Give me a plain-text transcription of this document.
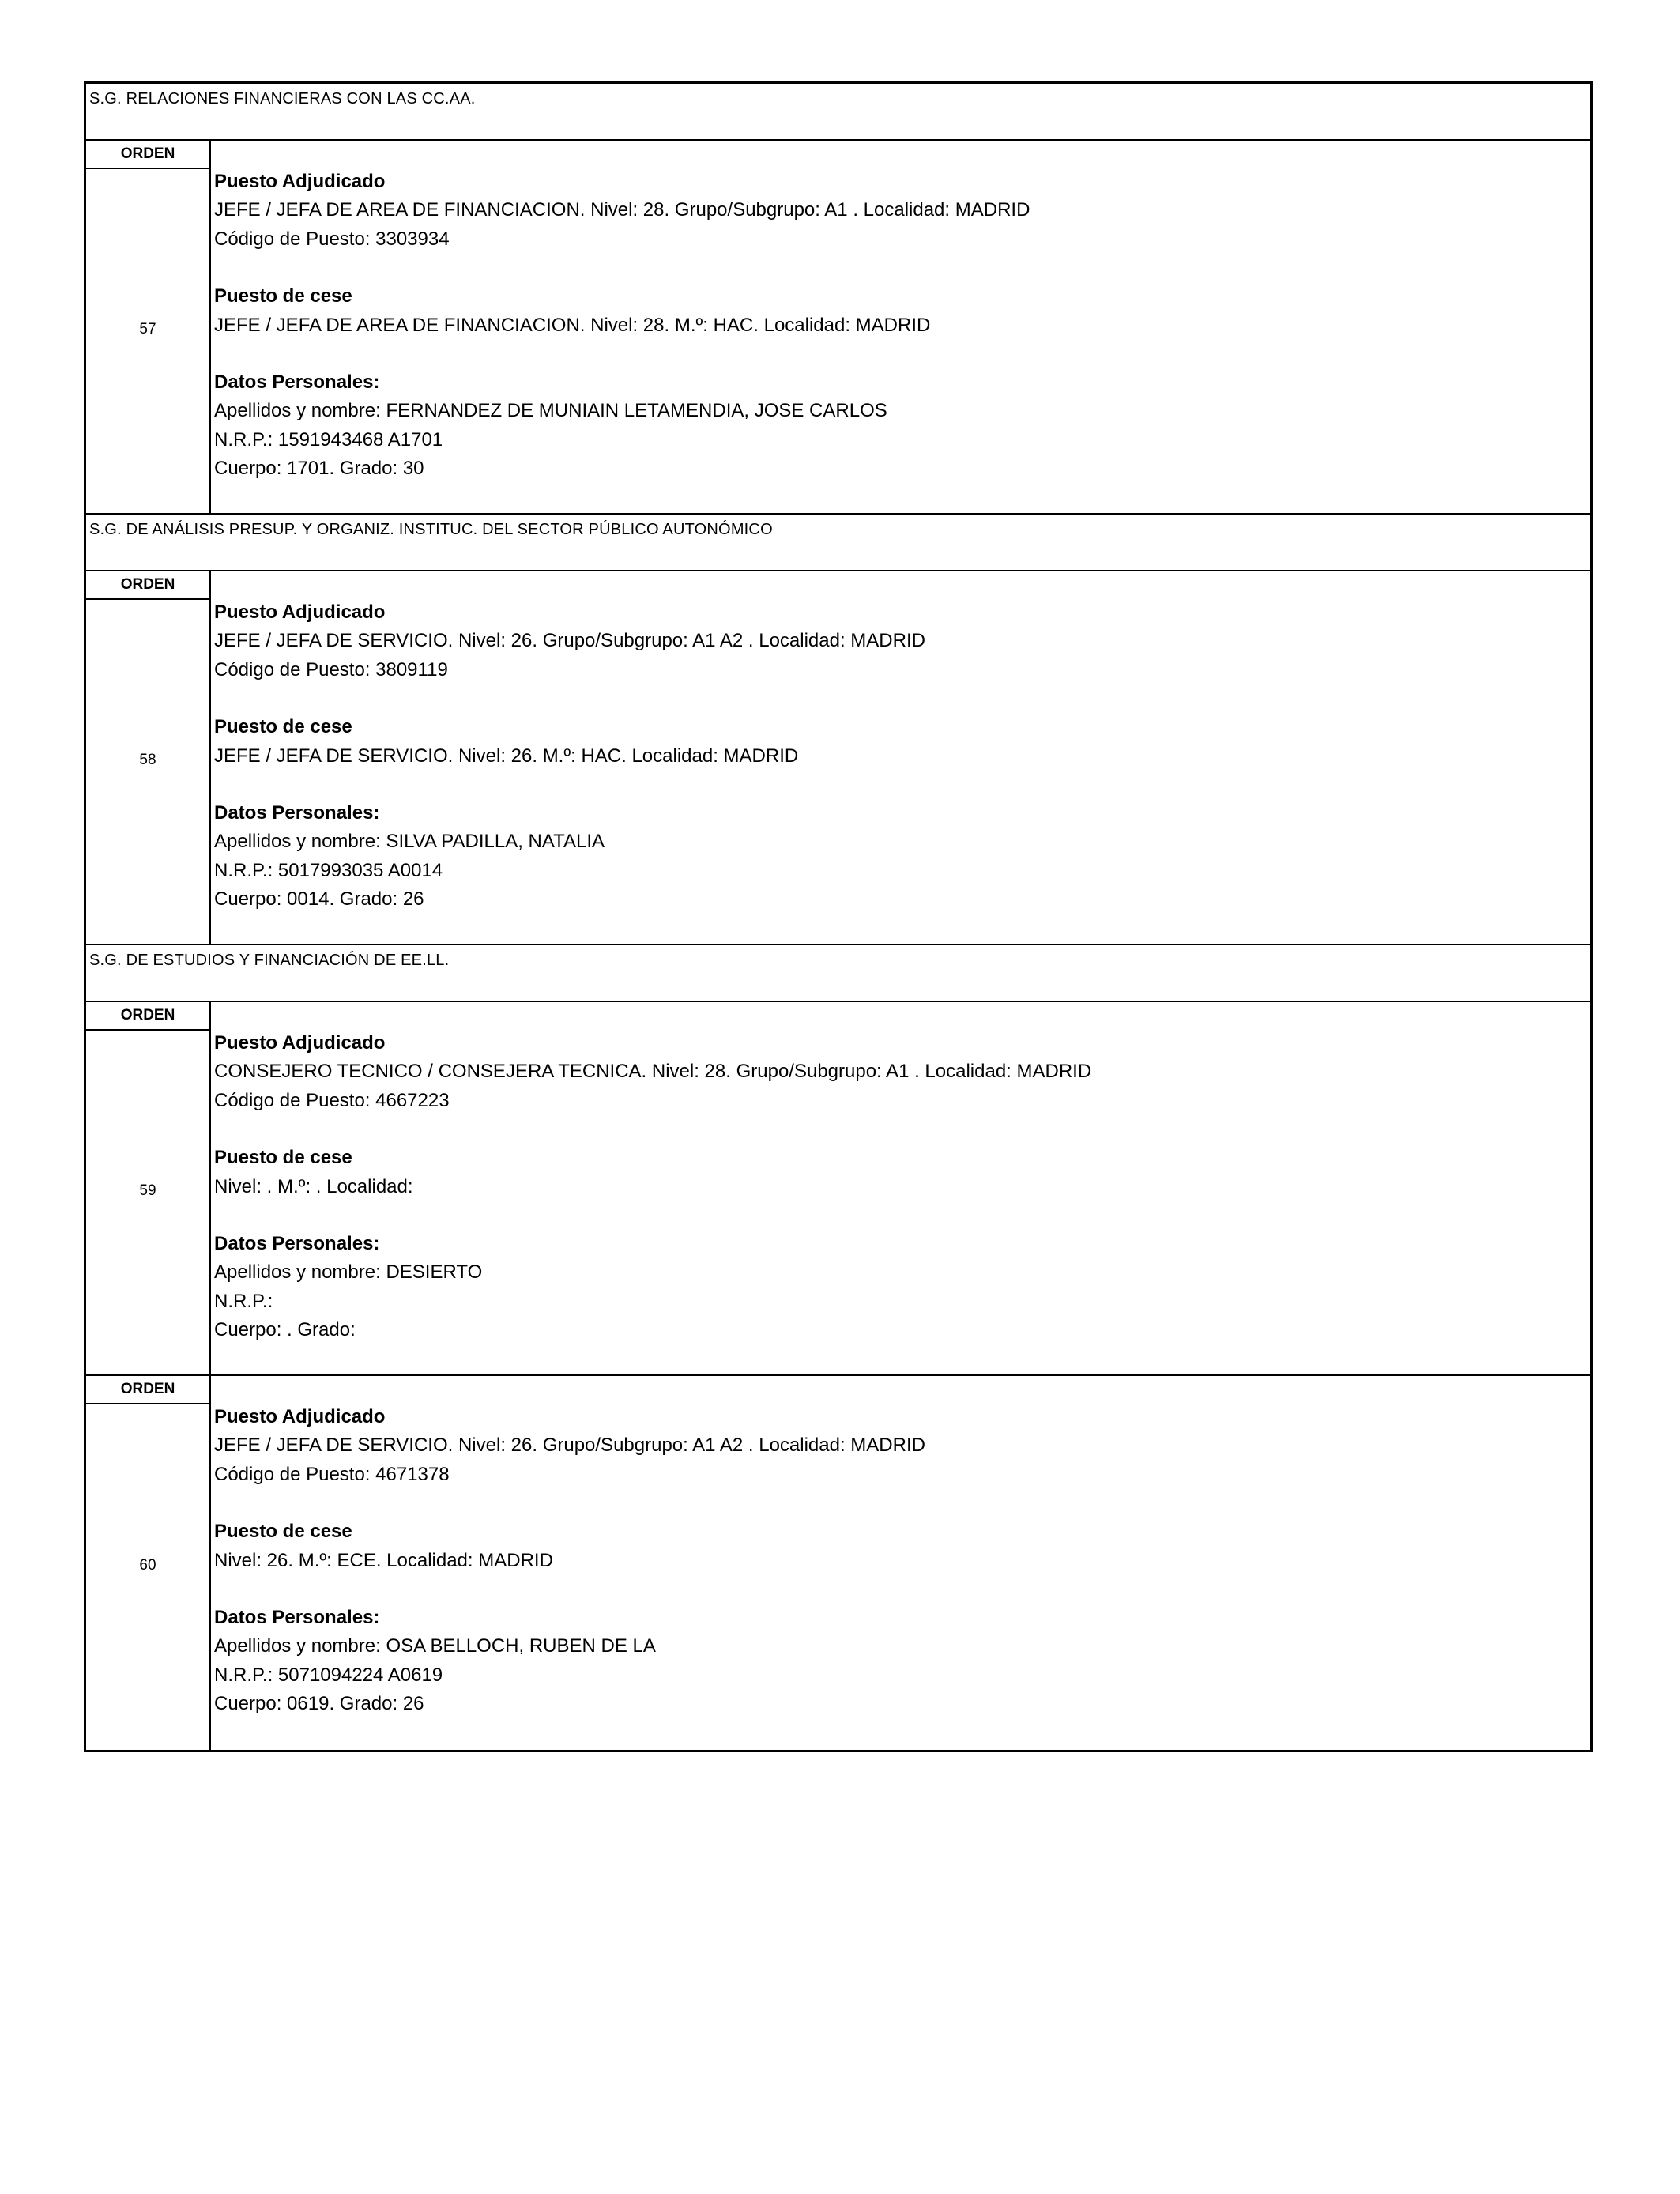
S.G. RELACIONES FINANCIERAS CON LAS CC.AA.
ORDEN
57
Puesto Adjudicado
JEFE / JEFA DE AREA DE FINANCIACION. Nivel: 28. Grupo/Subgrupo: A1 . Localidad: MADRID
Código de Puesto: 3303934
Puesto de cese
JEFE / JEFA DE AREA DE FINANCIACION. Nivel: 28. M.º: HAC. Localidad: MADRID
Datos Personales:
Apellidos y nombre: FERNANDEZ DE MUNIAIN LETAMENDIA, JOSE CARLOS
N.R.P.: 1591943468 A1701
Cuerpo: 1701. Grado: 30
S.G. DE ANÁLISIS PRESUP. Y ORGANIZ. INSTITUC. DEL SECTOR PÚBLICO AUTONÓMICO
ORDEN
58
Puesto Adjudicado
JEFE / JEFA DE SERVICIO. Nivel: 26. Grupo/Subgrupo: A1 A2 . Localidad: MADRID
Código de Puesto: 3809119
Puesto de cese
JEFE / JEFA DE SERVICIO. Nivel: 26. M.º: HAC. Localidad: MADRID
Datos Personales:
Apellidos y nombre: SILVA PADILLA, NATALIA
N.R.P.: 5017993035 A0014
Cuerpo: 0014. Grado: 26
S.G. DE ESTUDIOS Y FINANCIACIÓN DE EE.LL.
ORDEN
59
Puesto Adjudicado
CONSEJERO TECNICO / CONSEJERA TECNICA. Nivel: 28. Grupo/Subgrupo: A1 . Localidad: MADRID
Código de Puesto: 4667223
Puesto de cese
Nivel: . M.º: . Localidad:
Datos Personales:
Apellidos y nombre: DESIERTO
N.R.P.:
Cuerpo: . Grado:
ORDEN
60
Puesto Adjudicado
JEFE / JEFA DE SERVICIO. Nivel: 26. Grupo/Subgrupo: A1 A2 . Localidad: MADRID
Código de Puesto: 4671378
Puesto de cese
Nivel: 26. M.º: ECE. Localidad: MADRID
Datos Personales:
Apellidos y nombre: OSA BELLOCH, RUBEN DE LA
N.R.P.: 5071094224 A0619
Cuerpo: 0619. Grado: 26
